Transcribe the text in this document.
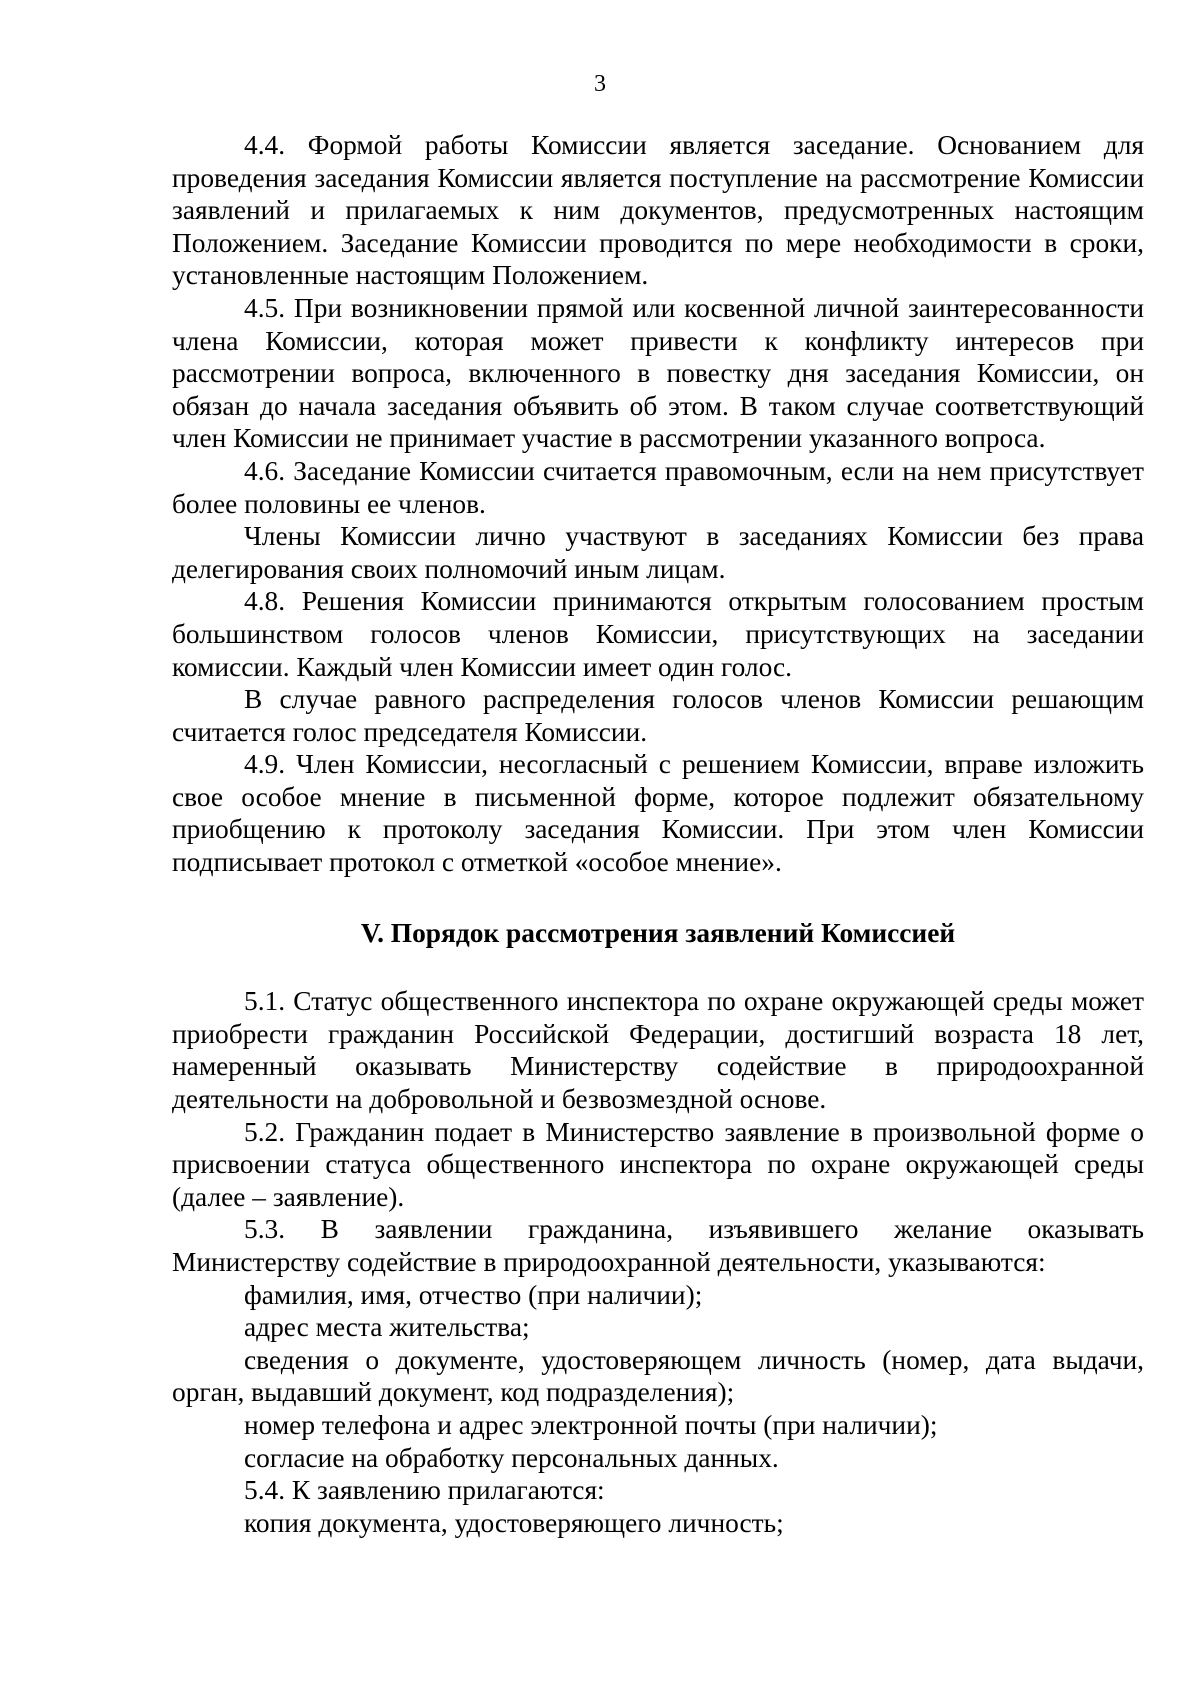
3

4.4. Формой работы Комиссии является заседание. Основанием для проведения заседания Комиссии является поступление на рассмотрение Комиссии заявлений и прилагаемых к ним документов, предусмотренных настоящим Положением. Заседание Комиссии проводится по мере необходимости в сроки, установленные настоящим Положением.

4.5. При возникновении прямой или косвенной личной заинтересованности члена Комиссии, которая может привести к конфликту интересов при рассмотрении вопроса, включенного в повестку дня заседания Комиссии, он обязан до начала заседания объявить об этом. В таком случае соответствующий член Комиссии не принимает участие в рассмотрении указанного вопроса.

4.6. Заседание Комиссии считается правомочным, если на нем присутствует более половины ее членов.

Члены Комиссии лично участвуют в заседаниях Комиссии без права делегирования своих полномочий иным лицам.

4.8. Решения Комиссии принимаются открытым голосованием простым большинством голосов членов Комиссии, присутствующих на заседании комиссии. Каждый член Комиссии имеет один голос.

В случае равного распределения голосов членов Комиссии решающим считается голос председателя Комиссии.

4.9. Член Комиссии, несогласный с решением Комиссии, вправе изложить свое особое мнение в письменной форме, которое подлежит обязательному приобщению к протоколу заседания Комиссии. При этом член Комиссии подписывает протокол с отметкой «особое мнение».

V. Порядок рассмотрения заявлений Комиссией

5.1. Статус общественного инспектора по охране окружающей среды может приобрести гражданин Российской Федерации, достигший возраста 18 лет, намеренный оказывать Министерству содействие в природоохранной деятельности на добровольной и безвозмездной основе.

5.2. Гражданин подает в Министерство заявление в произвольной форме о присвоении статуса общественного инспектора по охране окружающей среды (далее – заявление).

5.3. В заявлении гражданина, изъявившего желание оказывать Министерству содействие в природоохранной деятельности, указываются:

фамилия, имя, отчество (при наличии);

адрес места жительства;

сведения о документе, удостоверяющем личность (номер, дата выдачи, орган, выдавший документ, код подразделения);

номер телефона и адрес электронной почты (при наличии);

согласие на обработку персональных данных.

5.4. К заявлению прилагаются:

копия документа, удостоверяющего личность;
